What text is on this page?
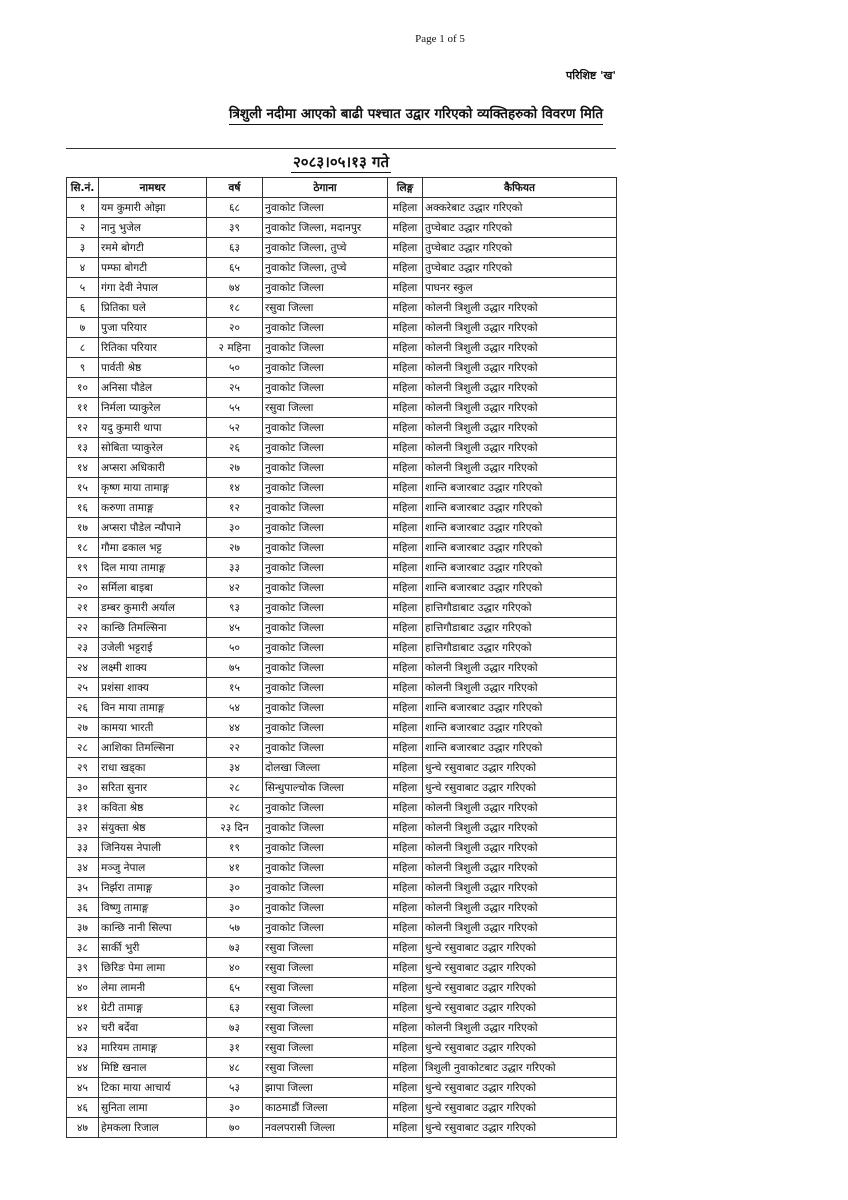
Page 1 of 5
परिशिष्ट 'ख'
त्रिशुली नदीमा आएको बाढी पश्चात उद्वार गरिएको व्यक्तिहरुको विवरण मिति
२०८३।०५।१३ गते
सि.नं.	नामथर	वर्ष	ठेगाना	लिङ्ग	कैफियत
१	यम कुमारी ओझा	६८	नुवाकोट जिल्ला	महिला	अक्करेबाट उद्धार गरिएको
२	नानु भुजेल	३९	नुवाकोट जिल्ला, मदानपुर	महिला	तुप्चेबाट उद्धार गरिएको
३	रममे बोगटी	६३	नुवाकोट जिल्ला, तुप्चे	महिला	तुप्चेबाट उद्धार गरिएको
४	पम्फा बोगटी	६५	नुवाकोट जिल्ला, तुप्चे	महिला	तुप्चेबाट उद्धार गरिएको
५	गंगा देवी नेपाल	७४	नुवाकोट जिल्ला	महिला	पाघनर स्कुल
६	प्रितिका घले	१८	रसुवा जिल्ला	महिला	कोलनी त्रिशुली उद्धार गरिएको
७	पुजा परियार	२०	नुवाकोट जिल्ला	महिला	कोलनी त्रिशुली उद्धार गरिएको
८	रितिका परियार	२ महिना	नुवाकोट जिल्ला	महिला	कोलनी त्रिशुली उद्धार गरिएको
९	पार्वती श्रेष्ठ	५०	नुवाकोट जिल्ला	महिला	कोलनी त्रिशुली उद्धार गरिएको
१०	अनिसा पौडेल	२५	नुवाकोट जिल्ला	महिला	कोलनी त्रिशुली उद्धार गरिएको
११	निर्मला प्याकुरेल	५५	रसुवा जिल्ला	महिला	कोलनी त्रिशुली उद्धार गरिएको
१२	यदु कुमारी थापा	५२	नुवाकोट जिल्ला	महिला	कोलनी त्रिशुली उद्धार गरिएको
१३	सोबिता प्याकुरेल	२६	नुवाकोट जिल्ला	महिला	कोलनी त्रिशुली उद्धार गरिएको
१४	अप्सरा अधिकारी	२७	नुवाकोट जिल्ला	महिला	कोलनी त्रिशुली उद्धार गरिएको
१५	कृष्ण माया तामाङ्ग	१४	नुवाकोट जिल्ला	महिला	शान्ति बजारबाट उद्धार गरिएको
१६	करुणा तामाङ्ग	१२	नुवाकोट जिल्ला	महिला	शान्ति बजारबाट उद्धार गरिएको
१७	अप्सरा पौडेल न्यौपाने	३०	नुवाकोट जिल्ला	महिला	शान्ति बजारबाट उद्धार गरिएको
१८	गौमा ढकाल भट्ट	२७	नुवाकोट जिल्ला	महिला	शान्ति बजारबाट उद्धार गरिएको
१९	दिल माया तामाङ्ग	३३	नुवाकोट जिल्ला	महिला	शान्ति बजारबाट उद्धार गरिएको
२०	सर्मिला बाइबा	४२	नुवाकोट जिल्ला	महिला	शान्ति बजारबाट उद्धार गरिएको
२१	डम्बर कुमारी अर्याल	९३	नुवाकोट जिल्ला	महिला	हात्तिगौडाबाट उद्धार गरिएको
२२	कान्छि तिमल्सिना	४५	नुवाकोट जिल्ला	महिला	हात्तिगौडाबाट उद्धार गरिएको
२३	उजेली भट्टराई	५०	नुवाकोट जिल्ला	महिला	हात्तिगौडाबाट उद्धार गरिएको
२४	लक्ष्मी शाक्य	७५	नुवाकोट जिल्ला	महिला	कोलनी त्रिशुली उद्धार गरिएको
२५	प्रशंसा शाक्य	१५	नुवाकोट जिल्ला	महिला	कोलनी त्रिशुली उद्धार गरिएको
२६	विन माया तामाङ्ग	५४	नुवाकोट जिल्ला	महिला	शान्ति बजारबाट उद्धार गरिएको
२७	कामया भारती	४४	नुवाकोट जिल्ला	महिला	शान्ति बजारबाट उद्धार गरिएको
२८	आशिका तिमल्सिना	२२	नुवाकोट जिल्ला	महिला	शान्ति बजारबाट उद्धार गरिएको
२९	राधा खड्का	३४	दोलखा जिल्ला	महिला	धुन्चे रसुवाबाट उद्धार गरिएको
३०	सरिता सुनार	२८	सिन्धुपाल्चोक जिल्ला	महिला	धुन्चे रसुवाबाट उद्धार गरिएको
३१	कविता श्रेष्ठ	२८	नुवाकोट जिल्ला	महिला	कोलनी त्रिशुली उद्धार गरिएको
३२	संयुक्ता श्रेष्ठ	२३ दिन	नुवाकोट जिल्ला	महिला	कोलनी त्रिशुली उद्धार गरिएको
३३	जिनियस नेपाली	१९	नुवाकोट जिल्ला	महिला	कोलनी त्रिशुली उद्धार गरिएको
३४	मञ्जु नेपाल	४१	नुवाकोट जिल्ला	महिला	कोलनी त्रिशुली उद्धार गरिएको
३५	निर्झरा तामाङ्ग	३०	नुवाकोट जिल्ला	महिला	कोलनी त्रिशुली उद्धार गरिएको
३६	विष्णु तामाङ्ग	३०	नुवाकोट जिल्ला	महिला	कोलनी त्रिशुली उद्धार गरिएको
३७	कान्छि नानी सिल्पा	५७	नुवाकोट जिल्ला	महिला	कोलनी त्रिशुली उद्धार गरिएको
३८	सार्की भुरी	७३	रसुवा जिल्ला	महिला	धुन्चे रसुवाबाट उद्धार गरिएको
३९	छिरिङ पेमा लामा	४०	रसुवा जिल्ला	महिला	धुन्चे रसुवाबाट उद्धार गरिएको
४०	लेमा लामनी	६५	रसुवा जिल्ला	महिला	धुन्चे रसुवाबाट उद्धार गरिएको
४१	ग्रेटी तामाङ्ग	६३	रसुवा जिल्ला	महिला	धुन्चे रसुवाबाट उद्धार गरिएको
४२	चरी बर्देवा	७३	रसुवा जिल्ला	महिला	कोलनी त्रिशुली उद्धार गरिएको
४३	मारियम तामाङ्ग	३१	रसुवा जिल्ला	महिला	धुन्चे रसुवाबाट उद्धार गरिएको
४४	मिष्टि खनाल	४८	रसुवा जिल्ला	महिला	त्रिशुली नुवाकोटबाट उद्धार गरिएको
४५	टिका माया आचार्य	५३	झापा जिल्ला	महिला	धुन्चे रसुवाबाट उद्धार गरिएको
४६	सुनिता लामा	३०	काठमाडौं जिल्ला	महिला	धुन्चे रसुवाबाट उद्धार गरिएको
४७	हेमकला रिजाल	७०	नवलपरासी जिल्ला	महिला	धुन्चे रसुवाबाट उद्धार गरिएको
